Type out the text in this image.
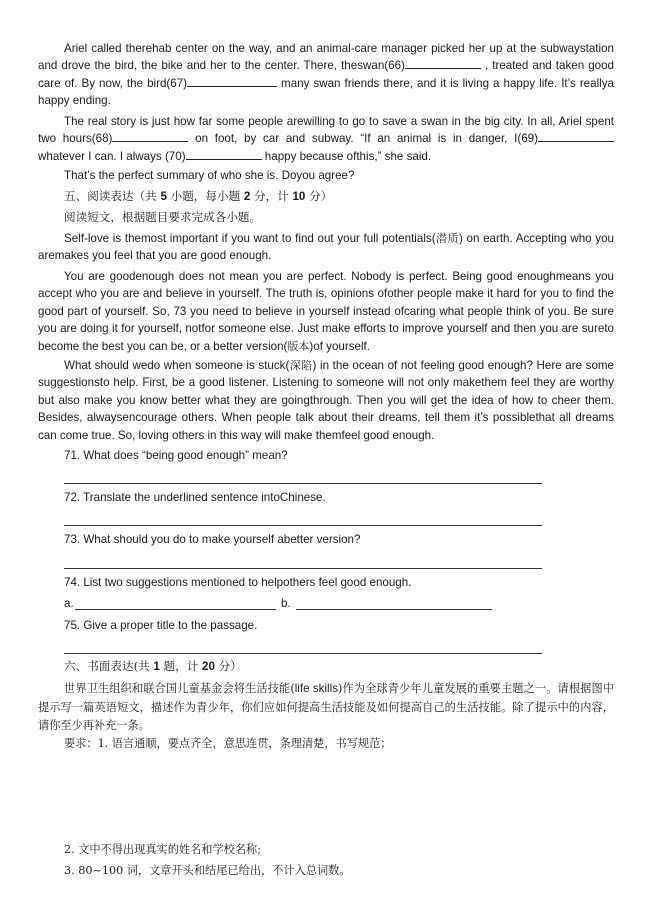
Ariel called therehab center on the way, and an animal-care manager picked her up at the subwaystation and drove the bird, the bike and her to the center. There, theswan(66)	, treated and taken good care of. By now, the bird(67)	many swan friends there, and it is living a happy life. It’s reallya happy ending.
The real story is just how far some people arewilling to go to save a swan in the big city. In all, Ariel spent two hours(68)	on foot, by car and subway. “If an animal is in danger, I(69) whatever I can. I always (70)	happy because ofthis,” she said.
That’s the perfect summary of who she is. Doyou agree?
五、阅读表达（共 5 小题，每小题 2 分，计 10 分）
阅读短文，根据题目要求完成各小题。
Self-love is themost important if you want to find out your full potentials(潜质) on earth. Accepting who you aremakes you feel that you are good enough.
You are goodenough does not mean you are perfect. Nobody is perfect. Being good enoughmeans you accept who you are and believe in yourself. The truth is, opinions ofother people make it hard for you to find the good part of yourself. So, 73 you need to believe in yourself instead ofcaring what people think of you. Be sure you are doing it for yourself, notfor someone else. Just make efforts to improve yourself and then you are sureto become the best you can be, or a better version(版本)of yourself.
What should wedo when someone is stuck(深陷) in the ocean of not feeling good enough? Here are some suggestionsto help. First, be a good listener. Listening to someone will not only makethem feel they are worthy but also make you know better what they are goingthrough. Then you will get the idea of how to cheer them. Besides, alwaysencourage others. When people talk about their dreams, tell them it’s possiblethat all dreams can come true. So, loving others in this way will make themfeel good enough.
71. What does “being good enough” mean?
72. Translate the underlined sentence intoChinese.
73. What should you do to make yourself abetter version?
74. List two suggestions mentioned to helpothers feel good enough.
a.	b.
75. Give a proper title to the passage.
六、书面表达(共 1 题，计 20 分）
世界卫生组织和联合国儿童基金会将生活技能(life skills)作为全球青少年儿童发展的重要主题之一。请根据图中提示写一篇英语短文，描述作为青少年，你们应如何提高生活技能及如何提高自己的生活技能。除了提示中的内容，请你至少再补充一条。
要求：1. 语言通顺，要点齐全，意思连贯，条理清楚，书写规范；
2. 文中不得出现真实的姓名和学校名称;
3. 80~100 词，文章开头和结尾已给出，不计入总词数。
